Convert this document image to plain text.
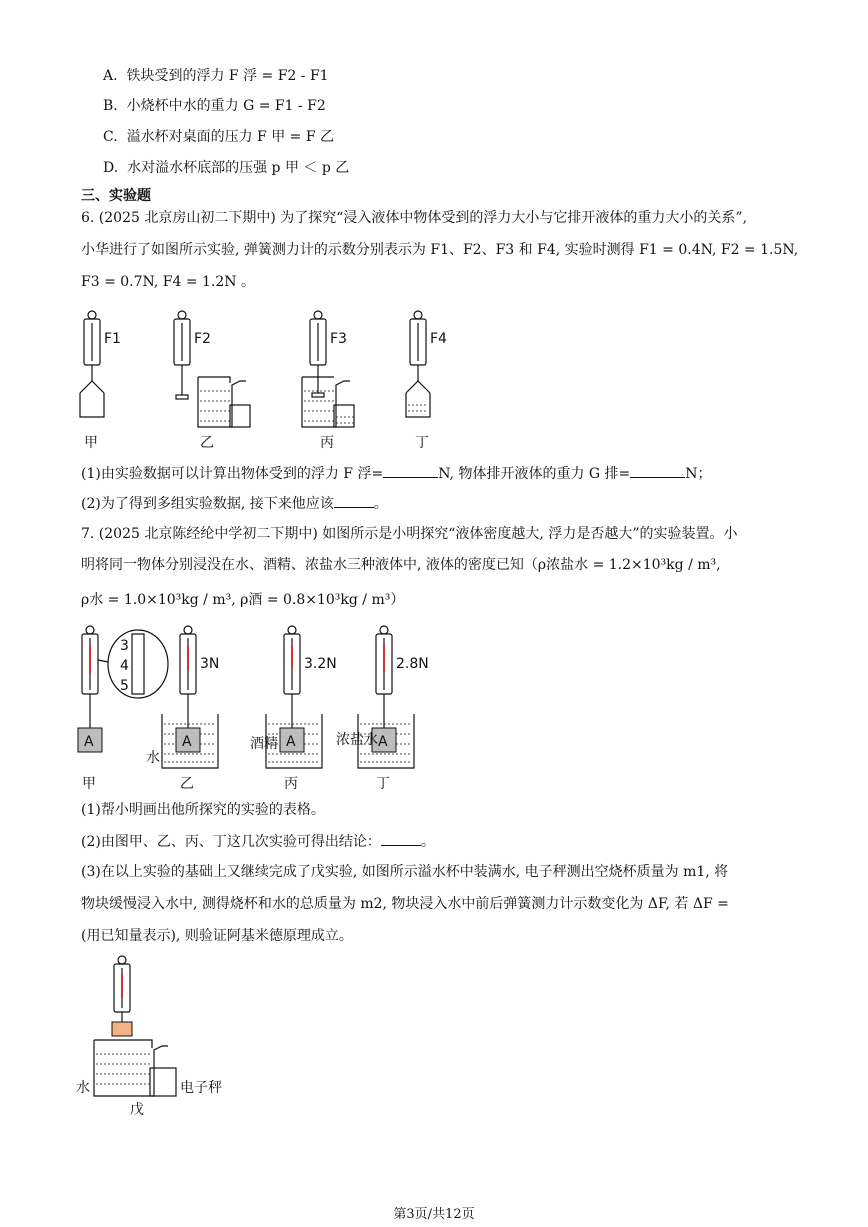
A. 铁块受到的浮力 F 浮 = F2 - F1
B. 小烧杯中水的重力 G = F1 - F2
C. 溢水杯对桌面的压力 F 甲 = F 乙
D. 水对溢水杯底部的压强 p 甲 ＜ p 乙
三、实验题
6. (2025 北京房山初二下期中) 为了探究“浸入液体中物体受到的浮力大小与它排开液体的重力大小的关系”,
小华进行了如图所示实验, 弹簧测力计的示数分别表示为 F1、F2、F3 和 F4, 实验时测得 F1 = 0.4N, F2 = 1.5N,
F3 = 0.7N, F4 = 1.2N 。
F1	F2	F3	F4
甲	乙	丙	丁
(1)由实验数据可以计算出物体受到的浮力 F 浮=	N, 物体排开液体的重力 G 排=	N；
(2)为了得到多组实验数据, 接下来他应该	。
7. (2025 北京陈经纶中学初二下期中) 如图所示是小明探究“液体密度越大, 浮力是否越大”的实验装置。小
明将同一物体分别浸没在水、酒精、浓盐水三种液体中, 液体的密度已知（ρ浓盐水 = 1.2×10³kg / m³,
ρ水 = 1.0×10³kg / m³, ρ酒 = 0.8×10³kg / m³）
A	A	A	A
3
4
5
3N	3.2N	2.8N
水
酒精	浓盐水
甲	乙	丙	丁
(1)帮小明画出他所探究的实验的表格。
(2)由图甲、乙、丙、丁这几次实验可得出结论：	。
(3)在以上实验的基础上又继续完成了戊实验, 如图所示溢水杯中装满水, 电子秤测出空烧杯质量为 m1, 将
物块缓慢浸入水中, 测得烧杯和水的总质量为 m2, 物块浸入水中前后弹簧测力计示数变化为 ΔF, 若 ΔF =
(用已知量表示), 则验证阿基米德原理成立。
水	电子秤
戊
第3页/共12页
